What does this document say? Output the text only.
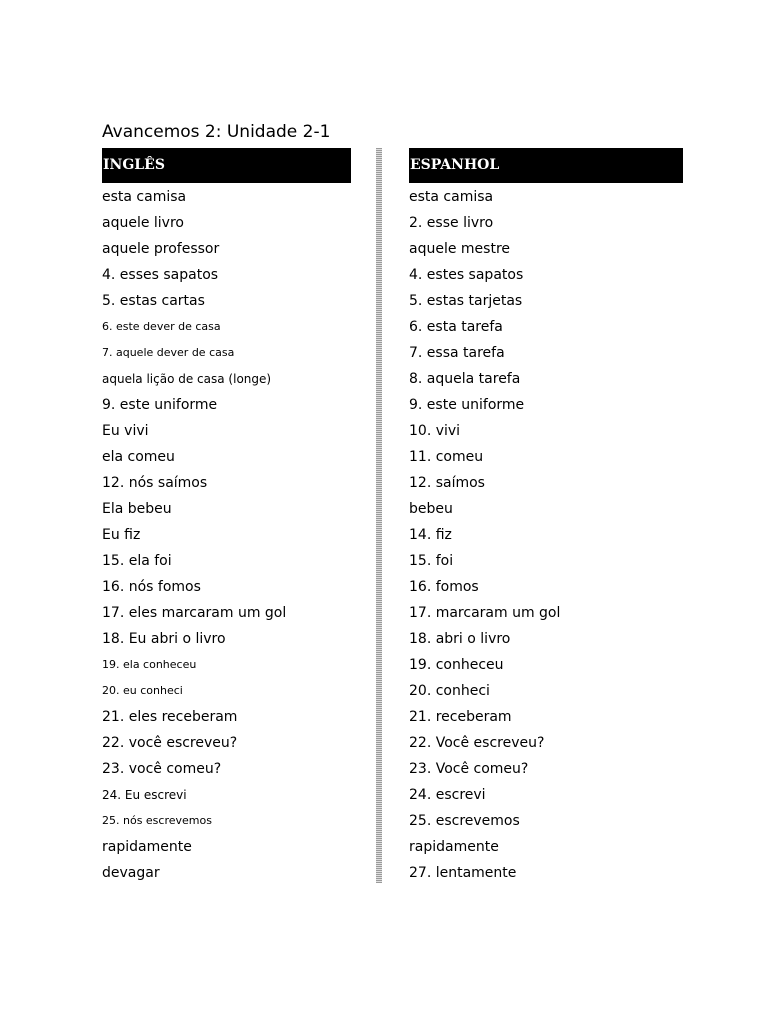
Avancemos 2: Unidade 2-1
INGLÊS
esta camisa
aquele livro
aquele professor
4. esses sapatos
5. estas cartas
6. este dever de casa
7. aquele dever de casa
aquela lição de casa (longe)
9. este uniforme
Eu vivi
ela comeu
12. nós saímos
Ela bebeu
Eu fiz
15. ela foi
16. nós fomos
17. eles marcaram um gol
18. Eu abri o livro
19. ela conheceu
20. eu conheci
21. eles receberam
22. você escreveu?
23. você comeu?
24. Eu escrevi
25. nós escrevemos
rapidamente
devagar
ESPANHOL
esta camisa
2. esse livro
aquele mestre
4. estes sapatos
5. estas tarjetas
6. esta tarefa
7. essa tarefa
8. aquela tarefa
9. este uniforme
10. vivi
11. comeu
12. saímos
bebeu
14. fiz
15. foi
16. fomos
17. marcaram um gol
18. abri o livro
19. conheceu
20. conheci
21. receberam
22. Você escreveu?
23. Você comeu?
24. escrevi
25. escrevemos
rapidamente
27. lentamente
